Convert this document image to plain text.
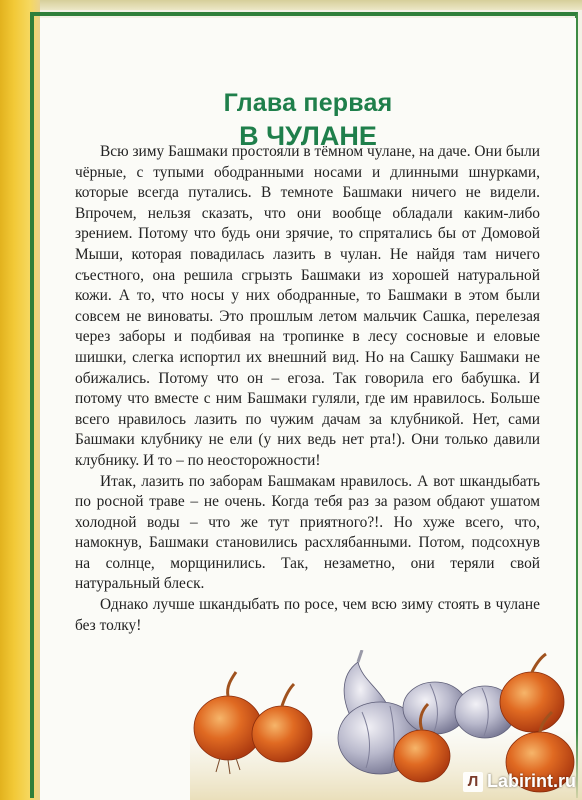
Глава первая
В ЧУЛАНЕ

Всю зиму Башмаки простояли в тёмном чулане, на даче. Они были чёрные, с тупыми ободранными носами и длинными шнурками, которые всегда путались. В темноте Башмаки ничего не видели. Впрочем, нельзя сказать, что они вообще обладали каким-либо зрением. Потому что будь они зрячие, то спрятались бы от Домовой Мыши, которая повадилась лазить в чулан. Не найдя там ничего съестного, она решила сгрызть Башмаки из хорошей натуральной кожи. А то, что носы у них ободранные, то Башмаки в этом были совсем не виноваты. Это прошлым летом мальчик Сашка, перелезая через заборы и подбивая на тропинке в лесу сосновые и еловые шишки, слегка испортил их внешний вид. Но на Сашку Башмаки не обижались. Потому что он – егоза. Так говорила его бабушка. И потому что вместе с ним Башмаки гуляли, где им нравилось. Больше всего нравилось лазить по чужим дачам за клубникой. Нет, сами Башмаки клубнику не ели (у них ведь нет рта!). Они только давили клубнику. И то – по неосторожности!

Итак, лазить по заборам Башмакам нравилось. А вот шкандыбать по росной траве – не очень. Когда тебя раз за разом обдают ушатом холодной воды – что же тут приятного?!. Но хуже всего, что, намокнув, Башмаки становились расхлябанными. Потом, подсохнув на солнце, морщинились. Так, незаметно, они теряли свой натуральный блеск.

Однако лучше шкандыбать по росе, чем всю зиму стоять в чулане без толку!

Л Labirint.ru
